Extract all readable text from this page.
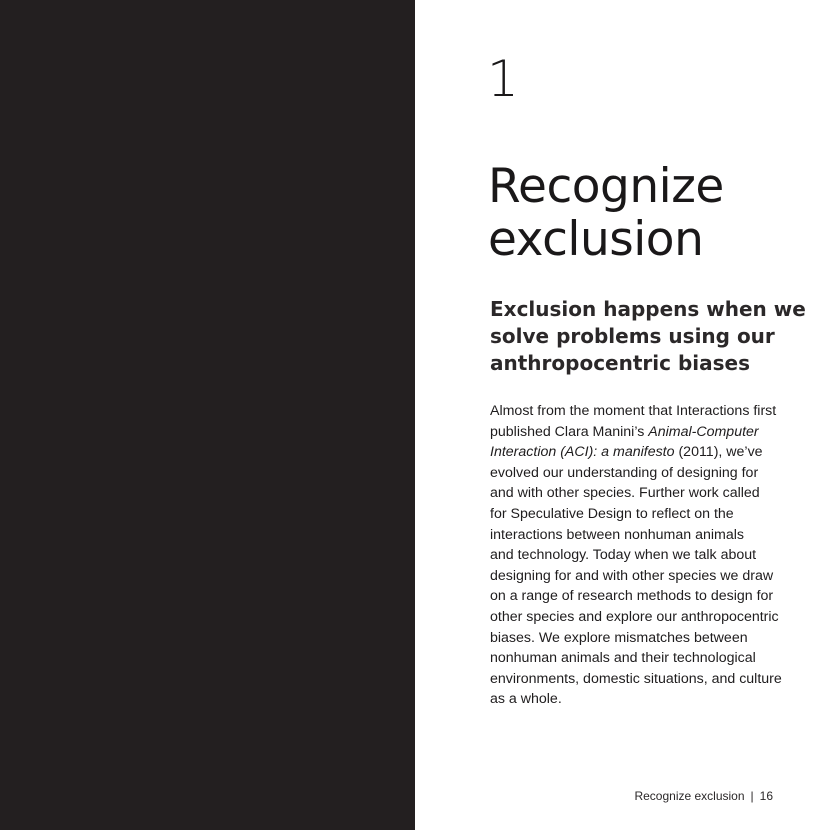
1
Recognize
exclusion
Exclusion happens when we
solve problems using our
anthropocentric biases

Almost from the moment that Interactions first
published Clara Manini’s Animal-Computer
Interaction (ACI): a manifesto (2011), we’ve
evolved our understanding of designing for
and with other species. Further work called
for Speculative Design to reflect on the
interactions between nonhuman animals
and technology. Today when we talk about
designing for and with other species we draw
on a range of research methods to design for
other species and explore our anthropocentric
biases. We explore mismatches between
nonhuman animals and their technological
environments, domestic situations, and culture
as a whole.

Recognize exclusion | 16
